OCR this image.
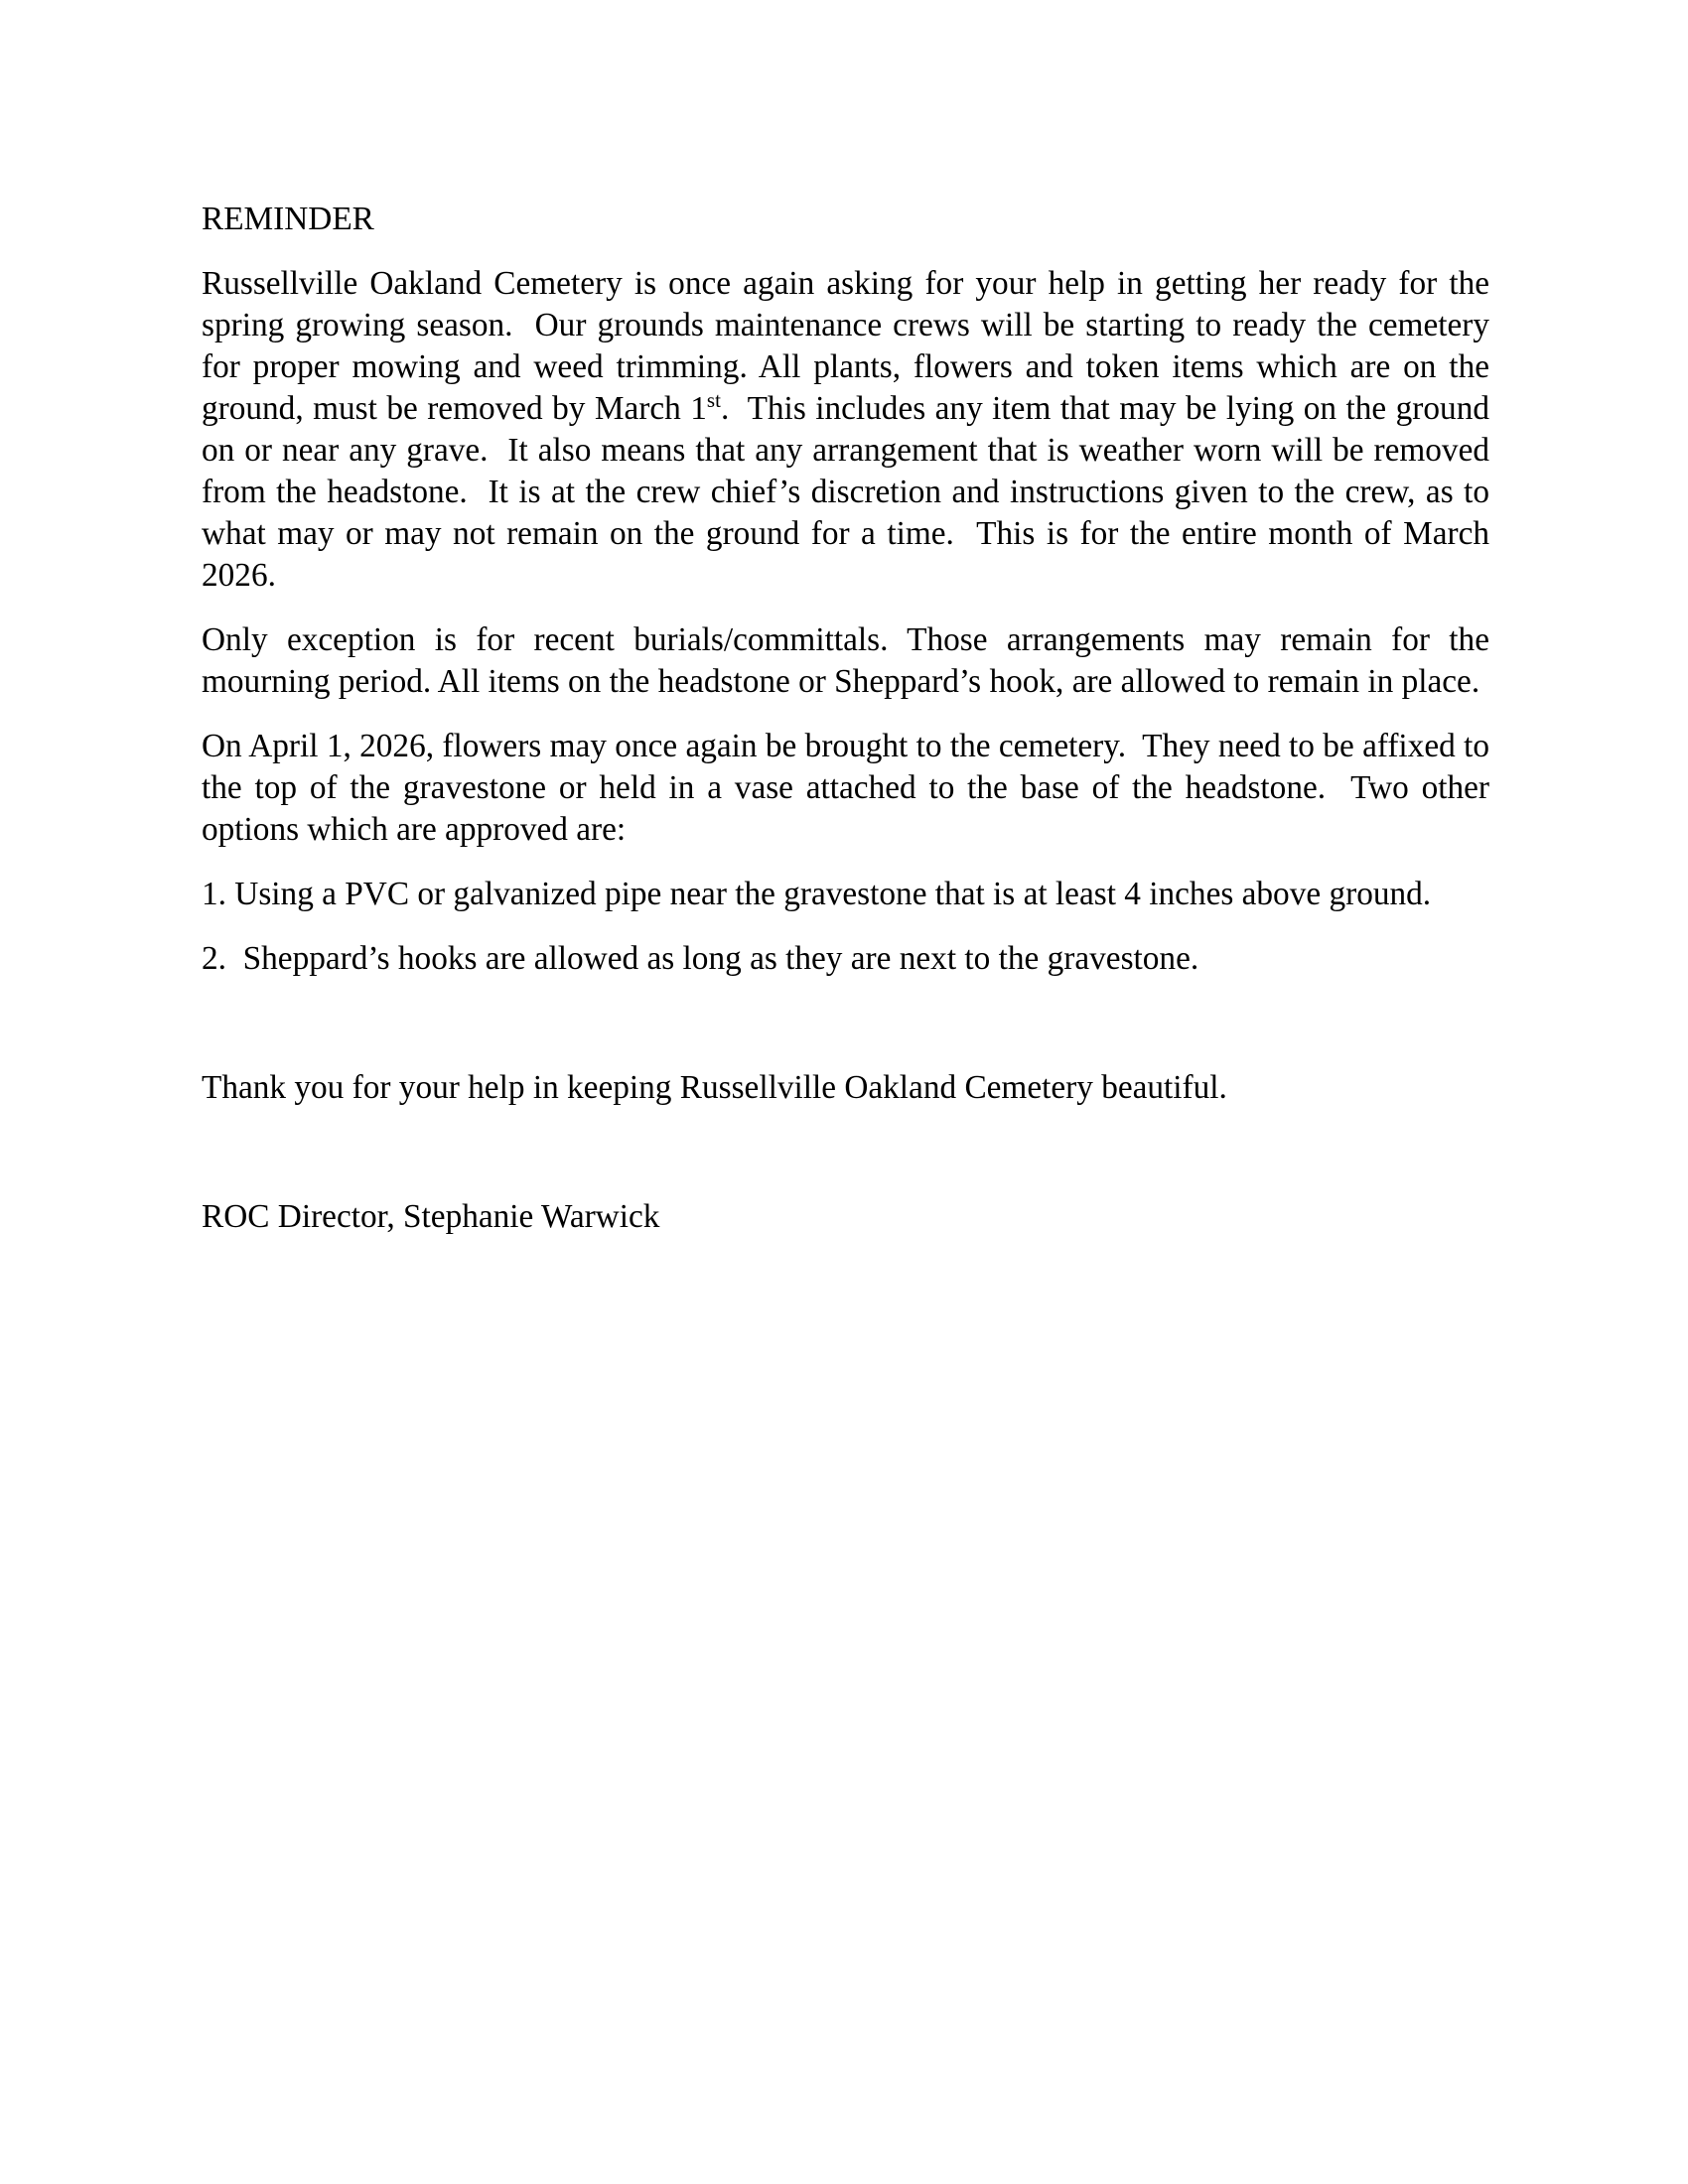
REMINDER

Russellville Oakland Cemetery is once again asking for your help in getting her ready for the spring growing season.  Our grounds maintenance crews will be starting to ready the cemetery for proper mowing and weed trimming. All plants, flowers and token items which are on the ground, must be removed by March 1st.  This includes any item that may be lying on the ground on or near any grave.  It also means that any arrangement that is weather worn will be removed from the headstone.  It is at the crew chief’s discretion and instructions given to the crew, as to what may or may not remain on the ground for a time.  This is for the entire month of March 2026.

Only exception is for recent burials/committals. Those arrangements may remain for the mourning period. All items on the headstone or Sheppard’s hook, are allowed to remain in place.

On April 1, 2026, flowers may once again be brought to the cemetery.  They need to be affixed to the top of the gravestone or held in a vase attached to the base of the headstone.  Two other options which are approved are:

1. Using a PVC or galvanized pipe near the gravestone that is at least 4 inches above ground.

2.  Sheppard’s hooks are allowed as long as they are next to the gravestone.

Thank you for your help in keeping Russellville Oakland Cemetery beautiful.

ROC Director, Stephanie Warwick
